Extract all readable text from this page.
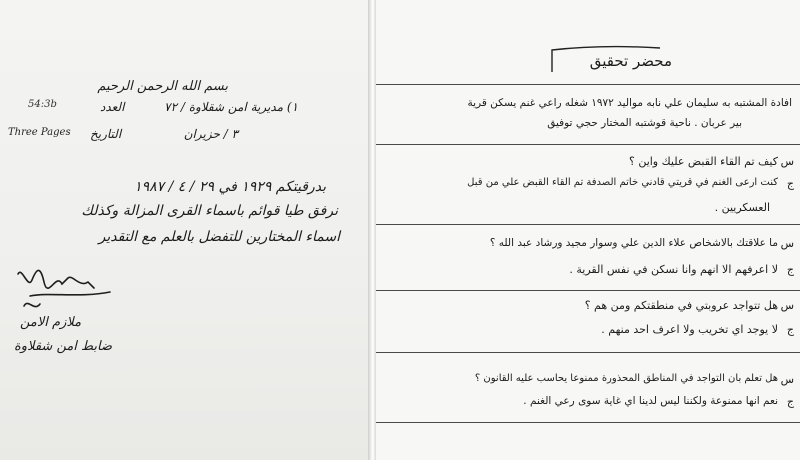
بسم الله الرحمن الرحيم
54:3b	١) مديرية امن شقلاوة / ٧٢
العدد
التاريخ	٣ / حزيران
Three Pages
بدرقيتكم ١٩٢٩ في ٢٩ / ٤ / ١٩٨٧
نرفق طيا قوائم باسماء القرى المزالة وكذلك
اسماء المختارين للتفضل بالعلم مع التقدير
ملازم الامن
ضابط امن شقلاوة
محضر تحقيق
افادة المشتبه به سليمان علي نابه مواليد ١٩٧٢ شغله راعي غنم يسكن قرية
بير عربان . ناحية قوشتبه المختار حجي توفيق
س
كيف تم القاء القبض عليك واين ؟
ج
كنت ارعى الغنم في قريتي قادني خاتم الصدفة تم القاء القبض علي من قبل
العسكريين .
س
ما علاقتك بالاشخاص علاء الدين علي وسوار مجيد ورشاد عبد الله ؟
ج
لا اعرفهم الا انهم وانا نسكن في نفس القرية .
س
هل تتواجد عروبتي في منطقتكم ومن هم ؟
ج
لا يوجد اي تخريب ولا اعرف احد منهم .
س
هل تعلم بان التواجد في المناطق المحذورة ممنوعا يحاسب عليه القانون ؟
ج
نعم انها ممنوعة ولكننا ليس لدينا اي غاية سوى رعي الغنم .
